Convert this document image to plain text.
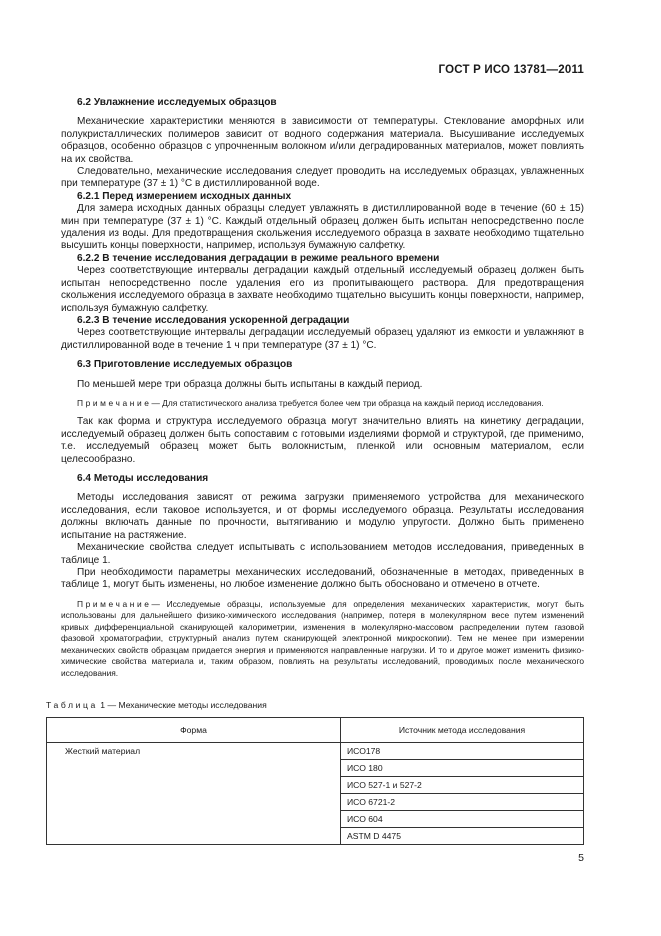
ГОСТ Р ИСО 13781—2011

6.2 Увлажнение исследуемых образцов

Механические характеристики меняются в зависимости от температуры. Стеклование аморфных или полукристаллических полимеров зависит от водного содержания материала. Высушивание исследуемых образцов, особенно образцов с упрочненным волокном и/или деградированных материалов, может повлиять на их свойства.

Следовательно, механические исследования следует проводить на исследуемых образцах, увлажненных при температуре (37 ± 1) °С в дистиллированной воде.

6.2.1 Перед измерением исходных данных

Для замера исходных данных образцы следует увлажнять в дистиллированной воде в течение (60 ± 15) мин при температуре (37 ± 1) °С. Каждый отдельный образец должен быть испытан непосредственно после удаления из воды. Для предотвращения скольжения исследуемого образца в захвате необходимо тщательно высушить концы поверхности, например, используя бумажную салфетку.

6.2.2 В течение исследования деградации в режиме реального времени

Через соответствующие интервалы деградации каждый отдельный исследуемый образец должен быть испытан непосредственно после удаления его из пропитывающего раствора. Для предотвращения скольжения исследуемого образца в захвате необходимо тщательно высушить концы поверхности, например, используя бумажную салфетку.

6.2.3 В течение исследования ускоренной деградации

Через соответствующие интервалы деградации исследуемый образец удаляют из емкости и увлажняют в дистиллированной воде в течение 1 ч при температуре (37 ± 1) °С.

6.3 Приготовление исследуемых образцов

По меньшей мере три образца должны быть испытаны в каждый период.

Примечание— Для статистического анализа требуется более чем три образца на каждый период исследования.

Так как форма и структура исследуемого образца могут значительно влиять на кинетику деградации, исследуемый образец должен быть сопоставим с готовыми изделиями формой и структурой, где применимо, т.е. исследуемый образец может быть волокнистым, пленкой или основным материалом, если целесообразно.

6.4 Методы исследования

Методы исследования зависят от режима загрузки применяемого устройства для механического исследования, если таковое используется, и от формы исследуемого образца. Результаты исследования должны включать данные по прочности, вытягиванию и модулю упругости. Должно быть применено испытание на растяжение.

Механические свойства следует испытывать с использованием методов исследования, приведенных в таблице 1.

При необходимости параметры механических исследований, обозначенные в методах, приведенных в таблице 1, могут быть изменены, но любое изменение должно быть обосновано и отмечено в отчете.

Примечание— Исследуемые образцы, используемые для определения механических характеристик, могут быть использованы для дальнейшего физико-химического исследования (например, потеря в молекулярном весе путем изменений кривых дифференциальной сканирующей калориметрии, изменения в молекулярно-массовом распределении путем газовой фазовой хроматографии, структурный анализ путем сканирующей электронной микроскопии). Тем не менее при измерении механических свойств образцам придается энергия и применяются направленные нагрузки. И то и другое может изменить физико-химические свойства материала и, таким образом, повлиять на результаты исследований, проводимых после механического исследования.

Таблица 1 — Механические методы исследования
Форма	Источник метода исследования
Жесткий материал	ИСО178
	ИСО 180
	ИСО 527-1 и 527-2
	ИСО 6721-2
	ИСО 604
	ASTM D 4475
5
